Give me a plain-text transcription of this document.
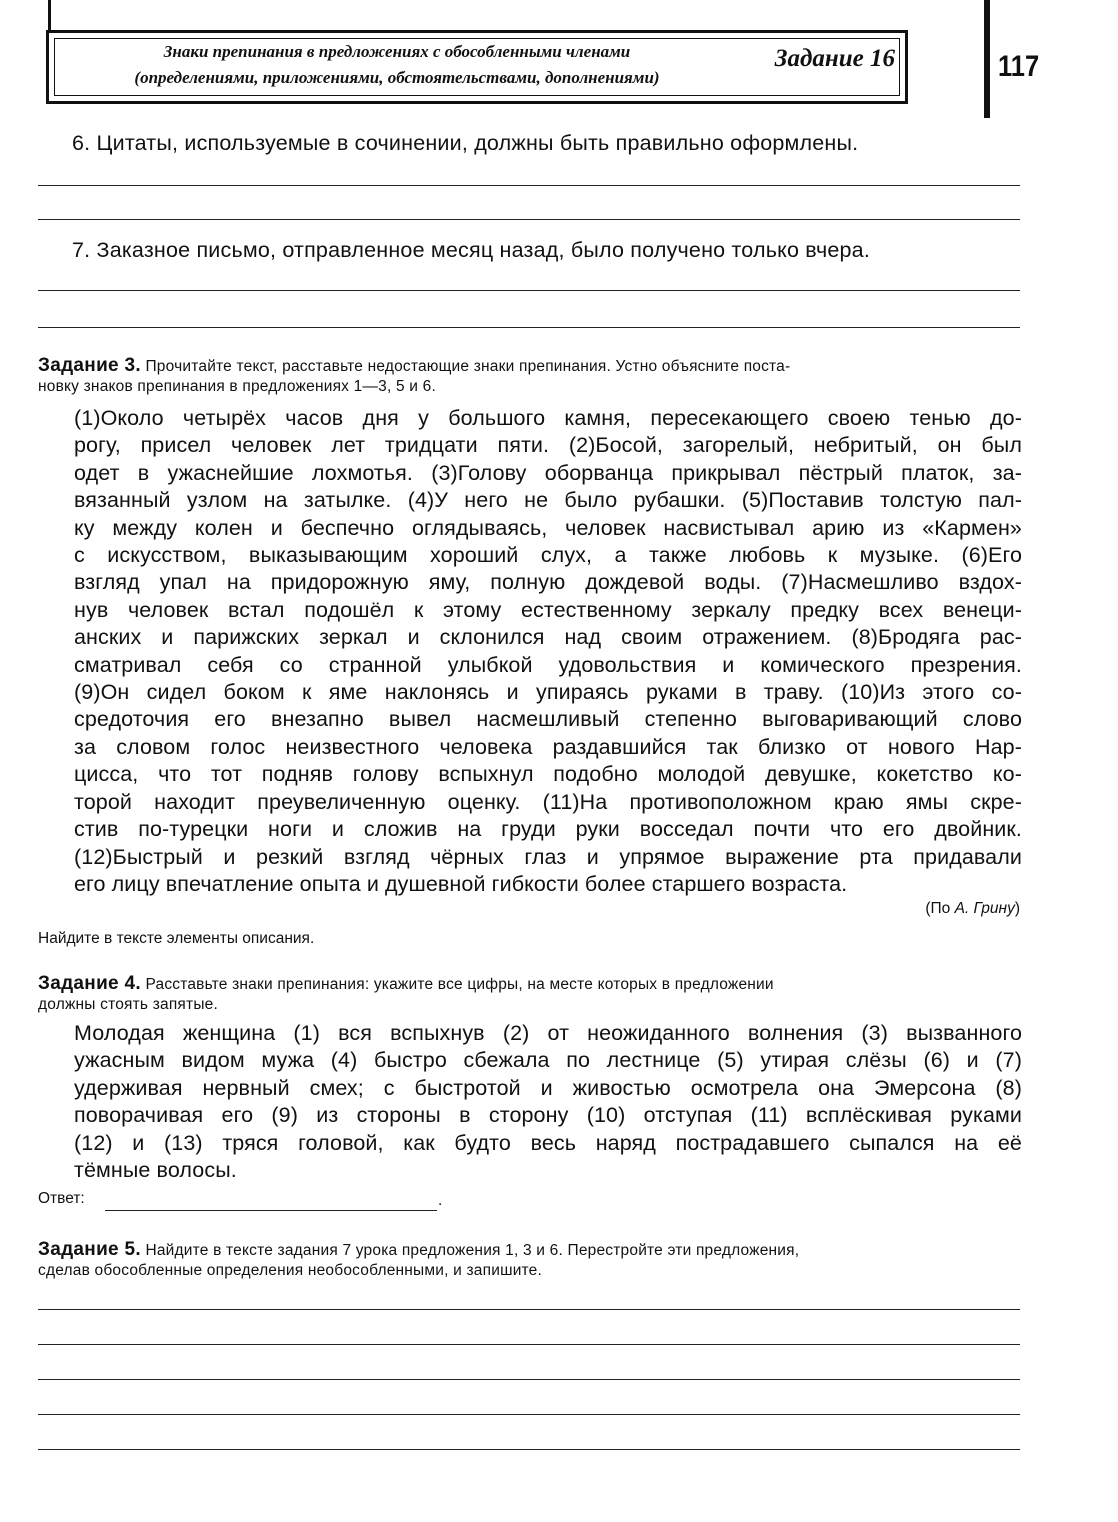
Знаки препинания в предложениях с обособленными членами
(определениями, приложениями, обстоятельствами, дополнениями)
Задание 16	117
6. Цитаты, используемые в сочинении, должны быть правильно оформлены.
7. Заказное письмо, отправленное месяц назад, было получено только вчера.
Задание 3. Прочитайте текст, расставьте недостающие знаки препинания. Устно объясните поста-
новку знаков препинания в предложениях 1—3, 5 и 6.
(1)Около четырёх часов дня у большого камня, пересекающего своею тенью до-
рогу, присел человек лет тридцати пяти. (2)Босой, загорелый, небритый, он был
одет в ужаснейшие лохмотья. (3)Голову оборванца прикрывал пёстрый платок, за-
вязанный узлом на затылке. (4)У него не было рубашки. (5)Поставив толстую пал-
ку между колен и беспечно оглядываясь, человек насвистывал арию из «Кармен»
с искусством, выказывающим хороший слух, а также любовь к музыке. (6)Его
взгляд упал на придорожную яму, полную дождевой воды. (7)Насмешливо вздох-
нув человек встал подошёл к этому естественному зеркалу предку всех венеци-
анских и парижских зеркал и склонился над своим отражением. (8)Бродяга рас-
сматривал себя со странной улыбкой удовольствия и комического презрения.
(9)Он сидел боком к яме наклонясь и упираясь руками в траву. (10)Из этого со-
средоточия его внезапно вывел насмешливый степенно выговаривающий слово
за словом голос неизвестного человека раздавшийся так близко от нового Нар-
цисса, что тот подняв голову вспыхнул подобно молодой девушке, кокетство ко-
торой находит преувеличенную оценку. (11)На противоположном краю ямы скре-
стив по-турецки ноги и сложив на груди руки восседал почти что его двойник.
(12)Быстрый и резкий взгляд чёрных глаз и упрямое выражение рта придавали
его лицу впечатление опыта и душевной гибкости более старшего возраста.
(По А. Грину)
Найдите в тексте элементы описания.
Задание 4. Расставьте знаки препинания: укажите все цифры, на месте которых в предложении
должны стоять запятые.
Молодая женщина (1) вся вспыхнув (2) от неожиданного волнения (3) вызванного
ужасным видом мужа (4) быстро сбежала по лестнице (5) утирая слёзы (6) и (7)
удерживая нервный смех; с быстротой и живостью осмотрела она Эмерсона (8)
поворачивая его (9) из стороны в сторону (10) отступая (11) всплёскивая руками
(12) и (13) тряся головой, как будто весь наряд пострадавшего сыпался на её
тёмные волосы.
Ответ:	.
Задание 5. Найдите в тексте задания 7 урока предложения 1, 3 и 6. Перестройте эти предложения,
сделав обособленные определения необособленными, и запишите.
